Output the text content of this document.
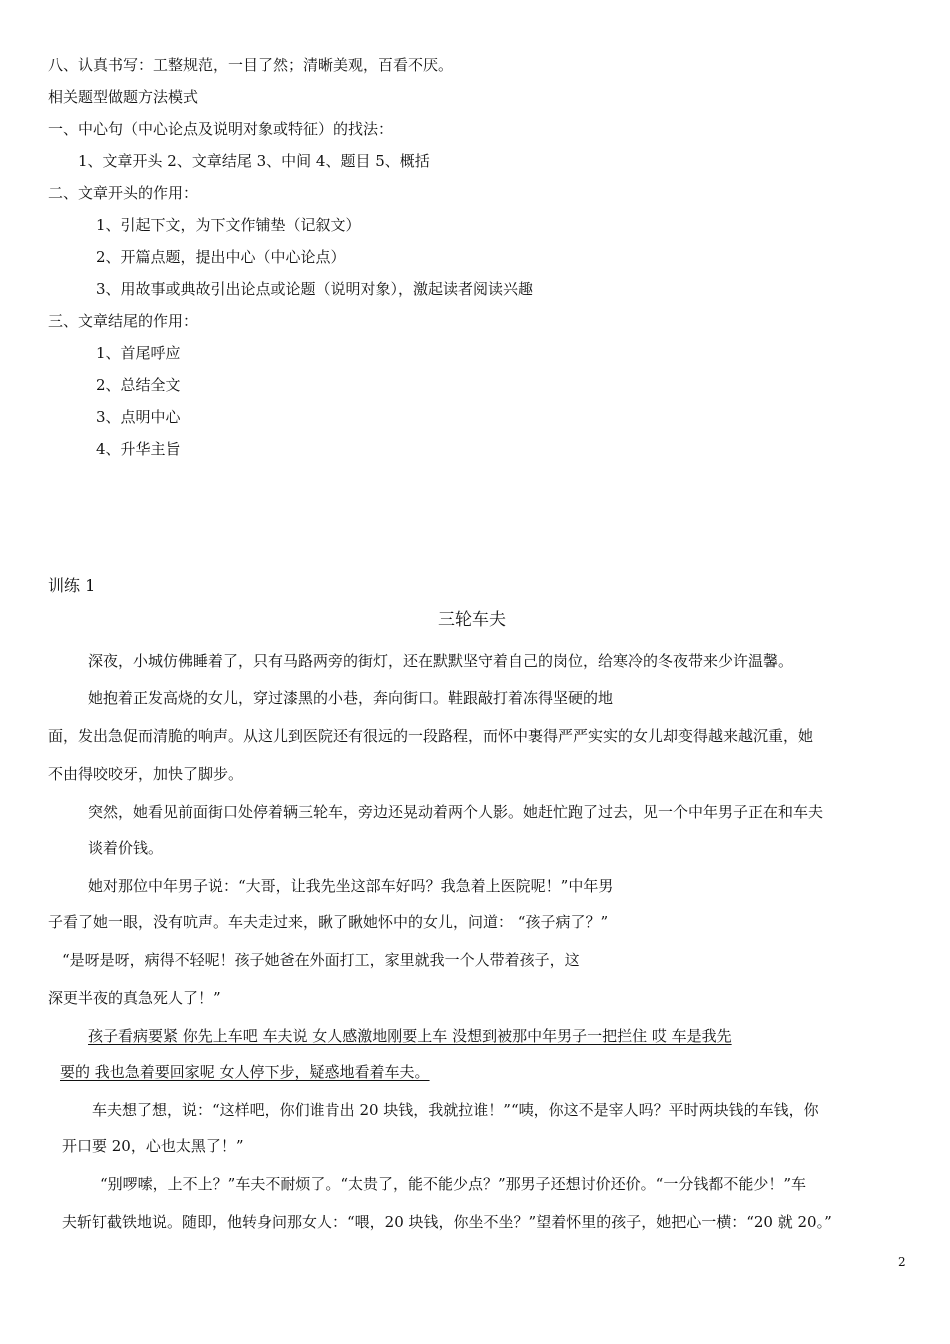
八、认真书写：工整规范，一目了然；清晰美观，百看不厌。
相关题型做题方法模式
一、中心句（中心论点及说明对象或特征）的找法：
1、文章开头 2、文章结尾 3、中间 4、题目 5、概括
二、文章开头的作用：
1、引起下文，为下文作铺垫（记叙文）
2、开篇点题，提出中心（中心论点）
3、用故事或典故引出论点或论题（说明对象），激起读者阅读兴趣
三、文章结尾的作用：
1、首尾呼应
2、总结全文
3、点明中心
4、升华主旨
训练 1
三轮车夫
深夜，小城仿佛睡着了，只有马路两旁的街灯，还在默默坚守着自己的岗位，给寒冷的冬夜带来少许温馨。
她抱着正发高烧的女儿，穿过漆黑的小巷，奔向街口。鞋跟敲打着冻得坚硬的地
面，发出急促而清脆的响声。从这儿到医院还有很远的一段路程，而怀中裹得严严实实的女儿却变得越来越沉重，她
不由得咬咬牙，加快了脚步。
突然，她看见前面街口处停着辆三轮车，旁边还晃动着两个人影。她赶忙跑了过去，见一个中年男子正在和车夫
谈着价钱。
她对那位中年男子说：“大哥，让我先坐这部车好吗？我急着上医院呢！”中年男
子看了她一眼，没有吭声。车夫走过来，瞅了瞅她怀中的女儿，问道： “孩子病了？”
“是呀是呀，病得不轻呢！孩子她爸在外面打工，家里就我一个人带着孩子，这
深更半夜的真急死人了！”
孩子看病要紧 你先上车吧 车夫说 女人感激地刚要上车 没想到被那中年男子一把拦住 哎 车是我先
要的 我也急着要回家呢 女人停下步，疑惑地看着车夫。
车夫想了想，说：“这样吧，你们谁肯出 20 块钱，我就拉谁！”“咦，你这不是宰人吗？平时两块钱的车钱，你
开口要 20，心也太黑了！”
“别啰嗦，上不上？”车夫不耐烦了。“太贵了，能不能少点？”那男子还想讨价还价。“一分钱都不能少！”车
夫斩钉截铁地说。随即，他转身问那女人：“喂，20 块钱，你坐不坐？”望着怀里的孩子，她把心一横：“20 就 20。”
2
